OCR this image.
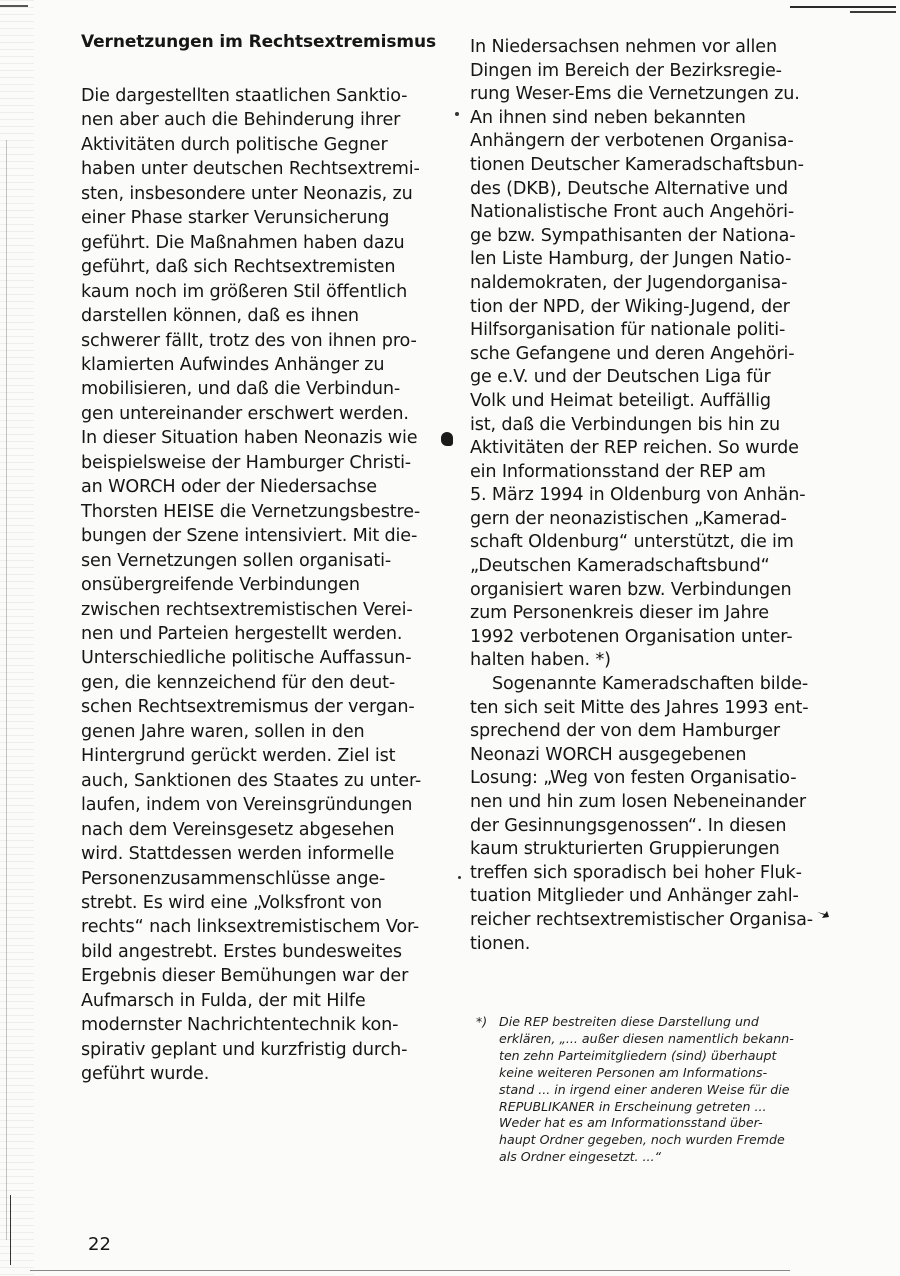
Vernetzungen im Rechtsextremismus
Die dargestellten staatlichen Sanktio-
nen aber auch die Behinderung ihrer
Aktivitäten durch politische Gegner
haben unter deutschen Rechtsextremi-
sten, insbesondere unter Neonazis, zu
einer Phase starker Verunsicherung
geführt. Die Maßnahmen haben dazu
geführt, daß sich Rechtsextremisten
kaum noch im größeren Stil öffentlich
darstellen können, daß es ihnen
schwerer fällt, trotz des von ihnen pro-
klamierten Aufwindes Anhänger zu
mobilisieren, und daß die Verbindun-
gen untereinander erschwert werden.
In dieser Situation haben Neonazis wie
beispielsweise der Hamburger Christi-
an WORCH oder der Niedersachse
Thorsten HEISE die Vernetzungsbestre-
bungen der Szene intensiviert. Mit die-
sen Vernetzungen sollen organisati-
onsübergreifende Verbindungen
zwischen rechtsextremistischen Verei-
nen und Parteien hergestellt werden.
Unterschiedliche politische Auffassun-
gen, die kennzeichend für den deut-
schen Rechtsextremismus der vergan-
genen Jahre waren, sollen in den
Hintergrund gerückt werden. Ziel ist
auch, Sanktionen des Staates zu unter-
laufen, indem von Vereinsgründungen
nach dem Vereinsgesetz abgesehen
wird. Stattdessen werden informelle
Personenzusammenschlüsse ange-
strebt. Es wird eine „Volksfront von
rechts“ nach linksextremistischem Vor-
bild angestrebt. Erstes bundesweites
Ergebnis dieser Bemühungen war der
Aufmarsch in Fulda, der mit Hilfe
modernster Nachrichtentechnik kon-
spirativ geplant und kurzfristig durch-
geführt wurde.
In Niedersachsen nehmen vor allen
Dingen im Bereich der Bezirksregie-
rung Weser-Ems die Vernetzungen zu.
An ihnen sind neben bekannten
Anhängern der verbotenen Organisa-
tionen Deutscher Kameradschaftsbun-
des (DKB), Deutsche Alternative und
Nationalistische Front auch Angehöri-
ge bzw. Sympathisanten der Nationa-
len Liste Hamburg, der Jungen Natio-
naldemokraten, der Jugendorganisa-
tion der NPD, der Wiking-Jugend, der
Hilfsorganisation für nationale politi-
sche Gefangene und deren Angehöri-
ge e.V. und der Deutschen Liga für
Volk und Heimat beteiligt. Auffällig
ist, daß die Verbindungen bis hin zu
Aktivitäten der REP reichen. So wurde
ein Informationsstand der REP am
5. März 1994 in Oldenburg von Anhän-
gern der neonazistischen „Kamerad-
schaft Oldenburg“ unterstützt, die im
„Deutschen Kameradschaftsbund“
organisiert waren bzw. Verbindungen
zum Personenkreis dieser im Jahre
1992 verbotenen Organisation unter-
halten haben. *)
Sogenannte Kameradschaften bilde-
ten sich seit Mitte des Jahres 1993 ent-
sprechend der von dem Hamburger
Neonazi WORCH ausgegebenen
Losung: „Weg von festen Organisatio-
nen und hin zum losen Nebeneinander
der Gesinnungsgenossen“. In diesen
kaum strukturierten Gruppierungen
treffen sich sporadisch bei hoher Fluk-
tuation Mitglieder und Anhänger zahl-
reicher rechtsextremistischer Organisa-
tionen.
*) Die REP bestreiten diese Darstellung und
erklären, „... außer diesen namentlich bekann-
ten zehn Parteimitgliedern (sind) überhaupt
keine weiteren Personen am Informations-
stand ... in irgend einer anderen Weise für die
REPUBLIKANER in Erscheinung getreten ...
Weder hat es am Informationsstand über-
haupt Ordner gegeben, noch wurden Fremde
als Ordner eingesetzt. ...“
22
